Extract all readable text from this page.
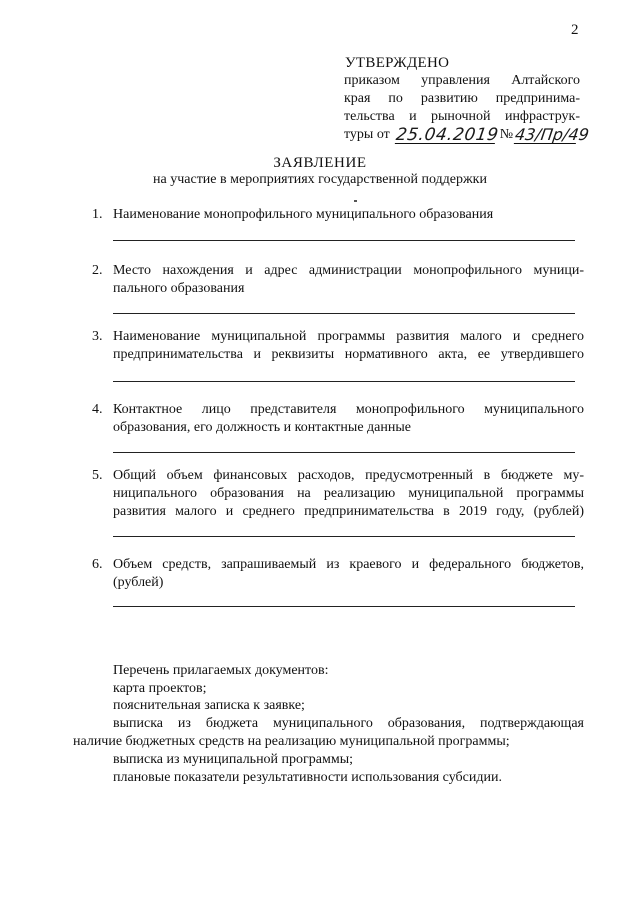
2
УТВЕРЖДЕНО
приказом управления Алтайского
края по развитию предпринима-
тельства и рыночной инфраструк-
туры от 25.04.2019 № 43/Пр/49
ЗАЯВЛЕНИЕ
на участие в мероприятиях государственной поддержки
1. Наименование монопрофильного муниципального образования
2. Место нахождения и адрес администрации монопрофильного муници-
пального образования
3. Наименование муниципальной программы развития малого и среднего
предпринимательства и реквизиты нормативного акта, ее утвердившего
4. Контактное лицо представителя монопрофильного муниципального
образования, его должность и контактные данные
5. Общий объем финансовых расходов, предусмотренный в бюджете му-
ниципального образования на реализацию муниципальной программы
развития малого и среднего предпринимательства в 2019 году, (рублей)
6. Объем средств, запрашиваемый из краевого и федерального бюджетов,
(рублей)
Перечень прилагаемых документов:
карта проектов;
пояснительная записка к заявке;
выписка из бюджета муниципального образования, подтверждающая
наличие бюджетных средств на реализацию муниципальной программы;
выписка из муниципальной программы;
плановые показатели результативности использования субсидии.
